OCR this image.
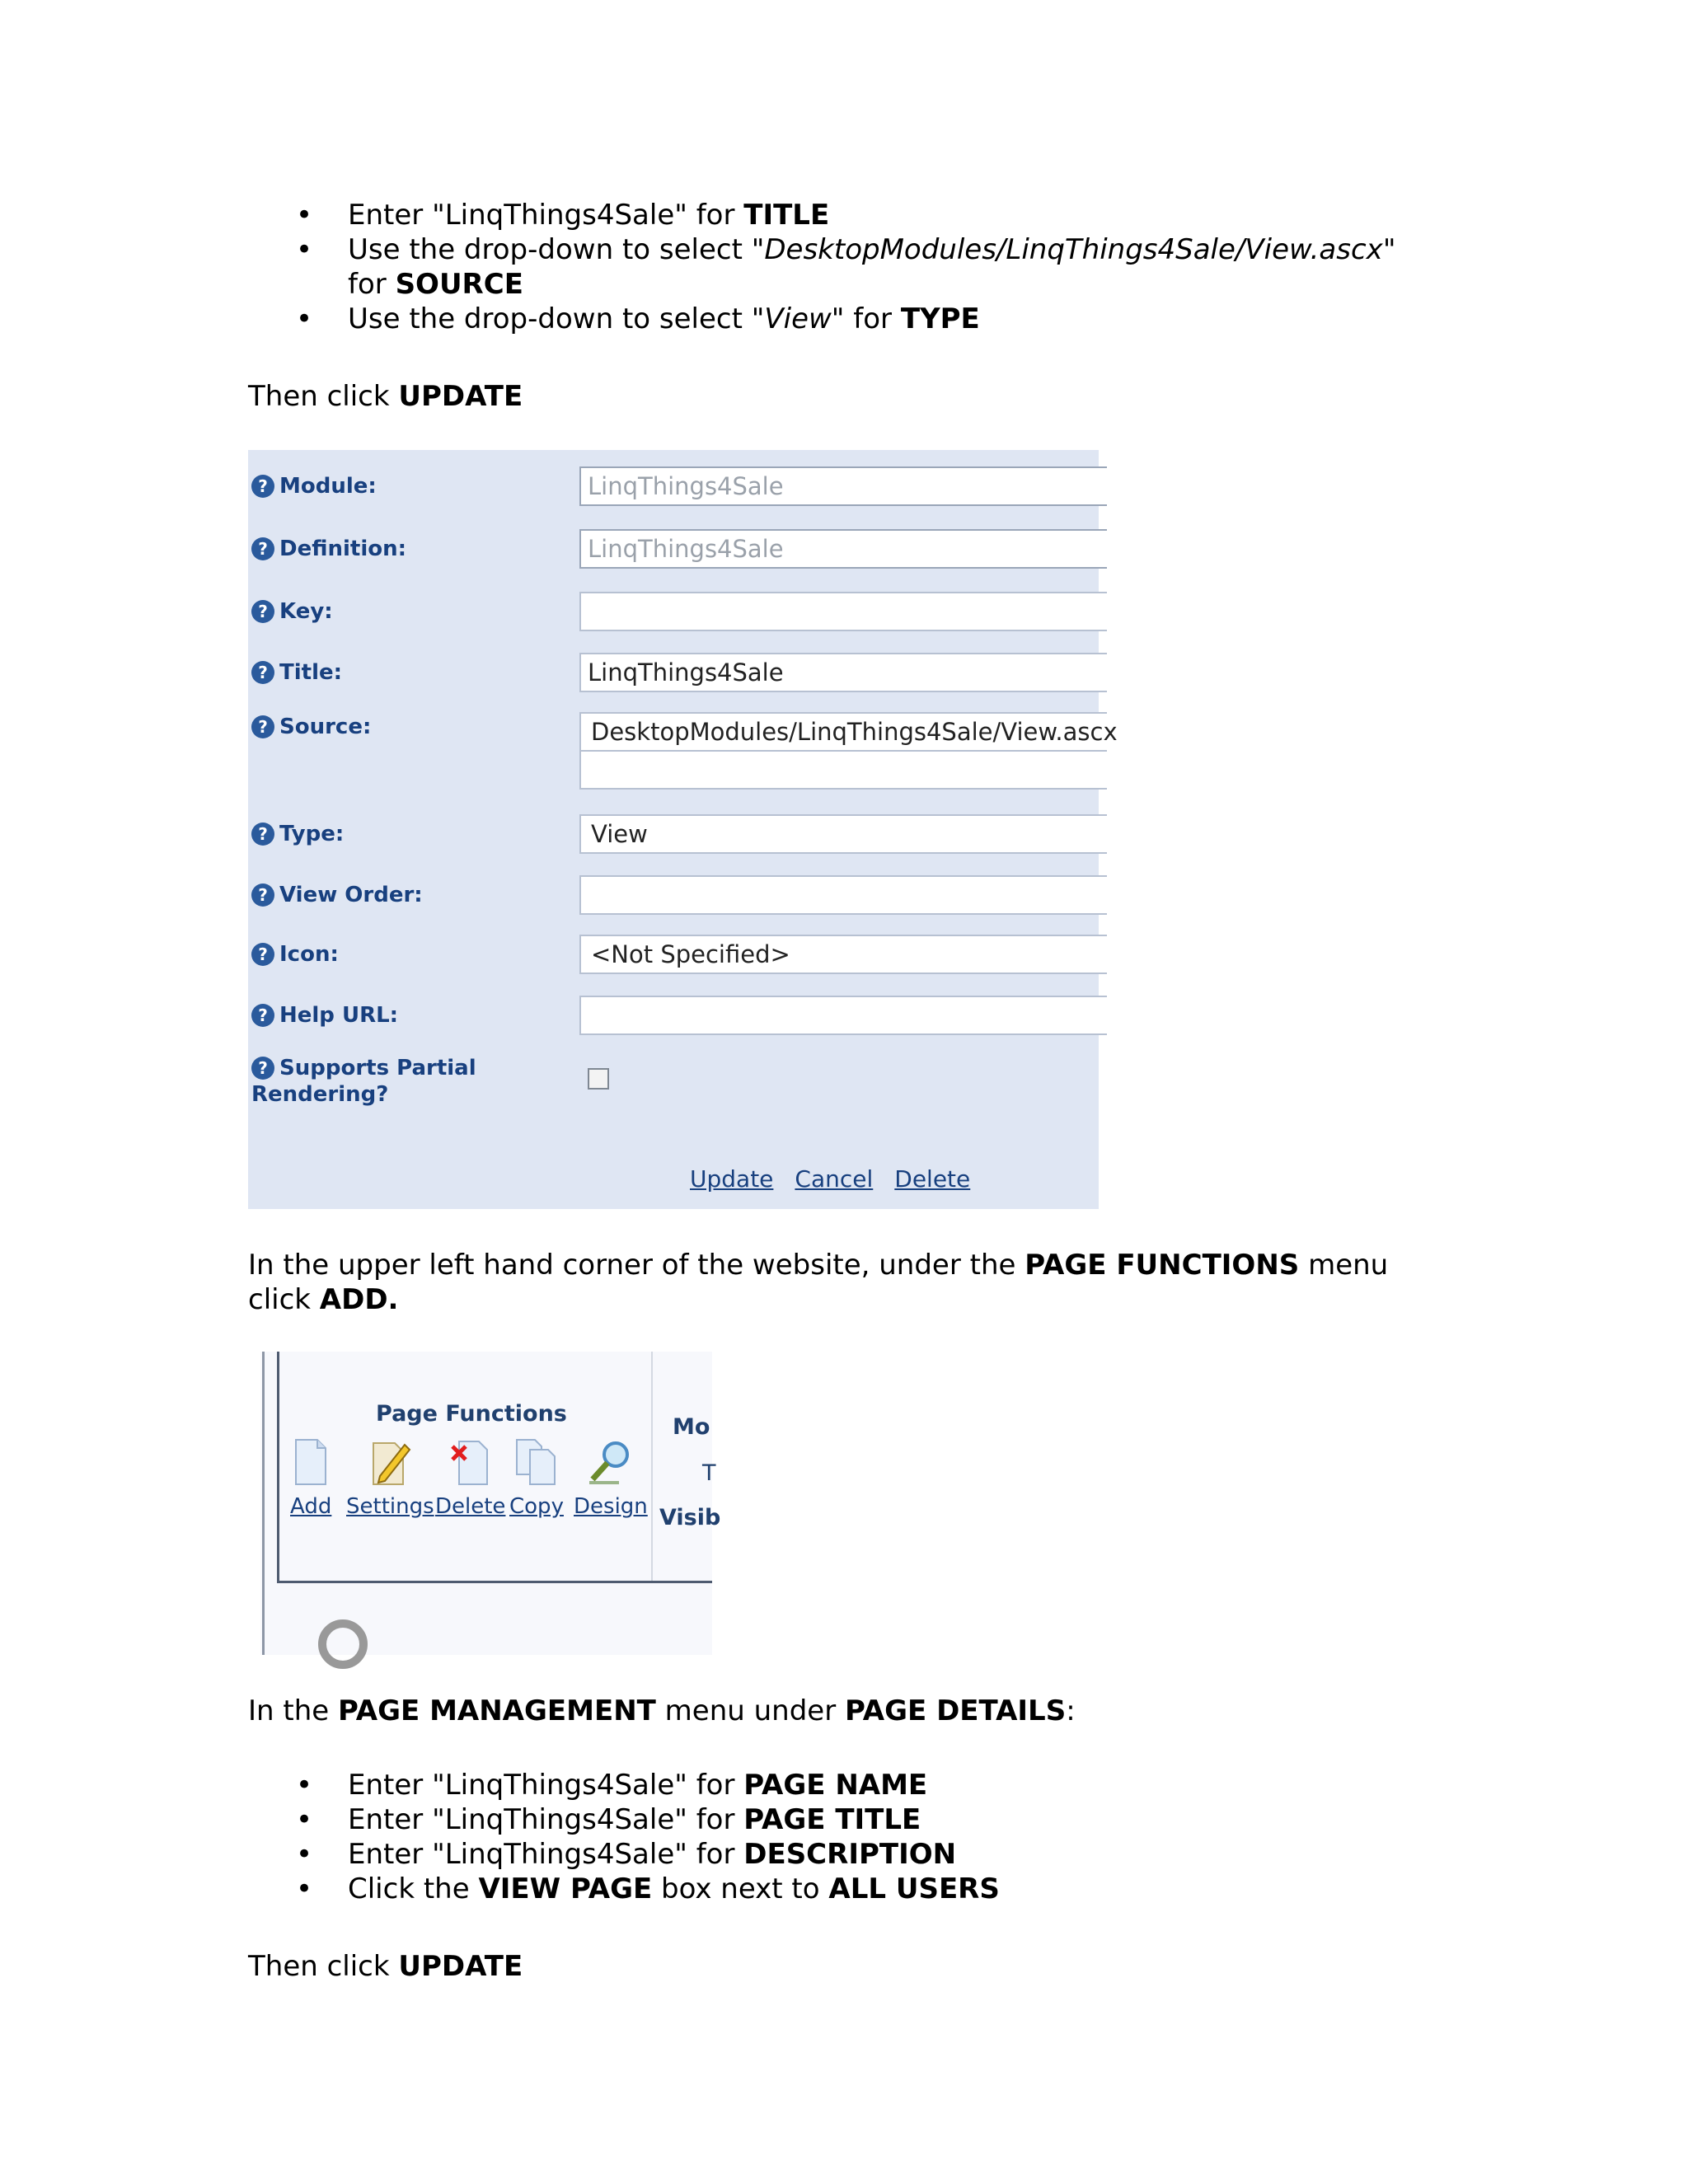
• Enter "LinqThings4Sale" for TITLE
• Use the drop-down to select "DesktopModules/LinqThings4Sale/View.ascx"
for SOURCE
• Use the drop-down to select "View" for TYPE

Then click UPDATE

? Module:	LinqThings4Sale
? Definition:	LinqThings4Sale
? Key:
? Title:	LinqThings4Sale
? Source:	DesktopModules/LinqThings4Sale/View.ascx
? Type:	View
? View Order:
? Icon:	<Not Specified>
? Help URL:
? Supports Partial
Rendering?
Update Cancel Delete

In the upper left hand corner of the website, under the PAGE FUNCTIONS menu
click ADD.

Page Functions
Add Settings Delete Copy Design
Mo
T
Visib

In the PAGE MANAGEMENT menu under PAGE DETAILS:

• Enter "LinqThings4Sale" for PAGE NAME
• Enter "LinqThings4Sale" for PAGE TITLE
• Enter "LinqThings4Sale" for DESCRIPTION
• Click the VIEW PAGE box next to ALL USERS

Then click UPDATE
